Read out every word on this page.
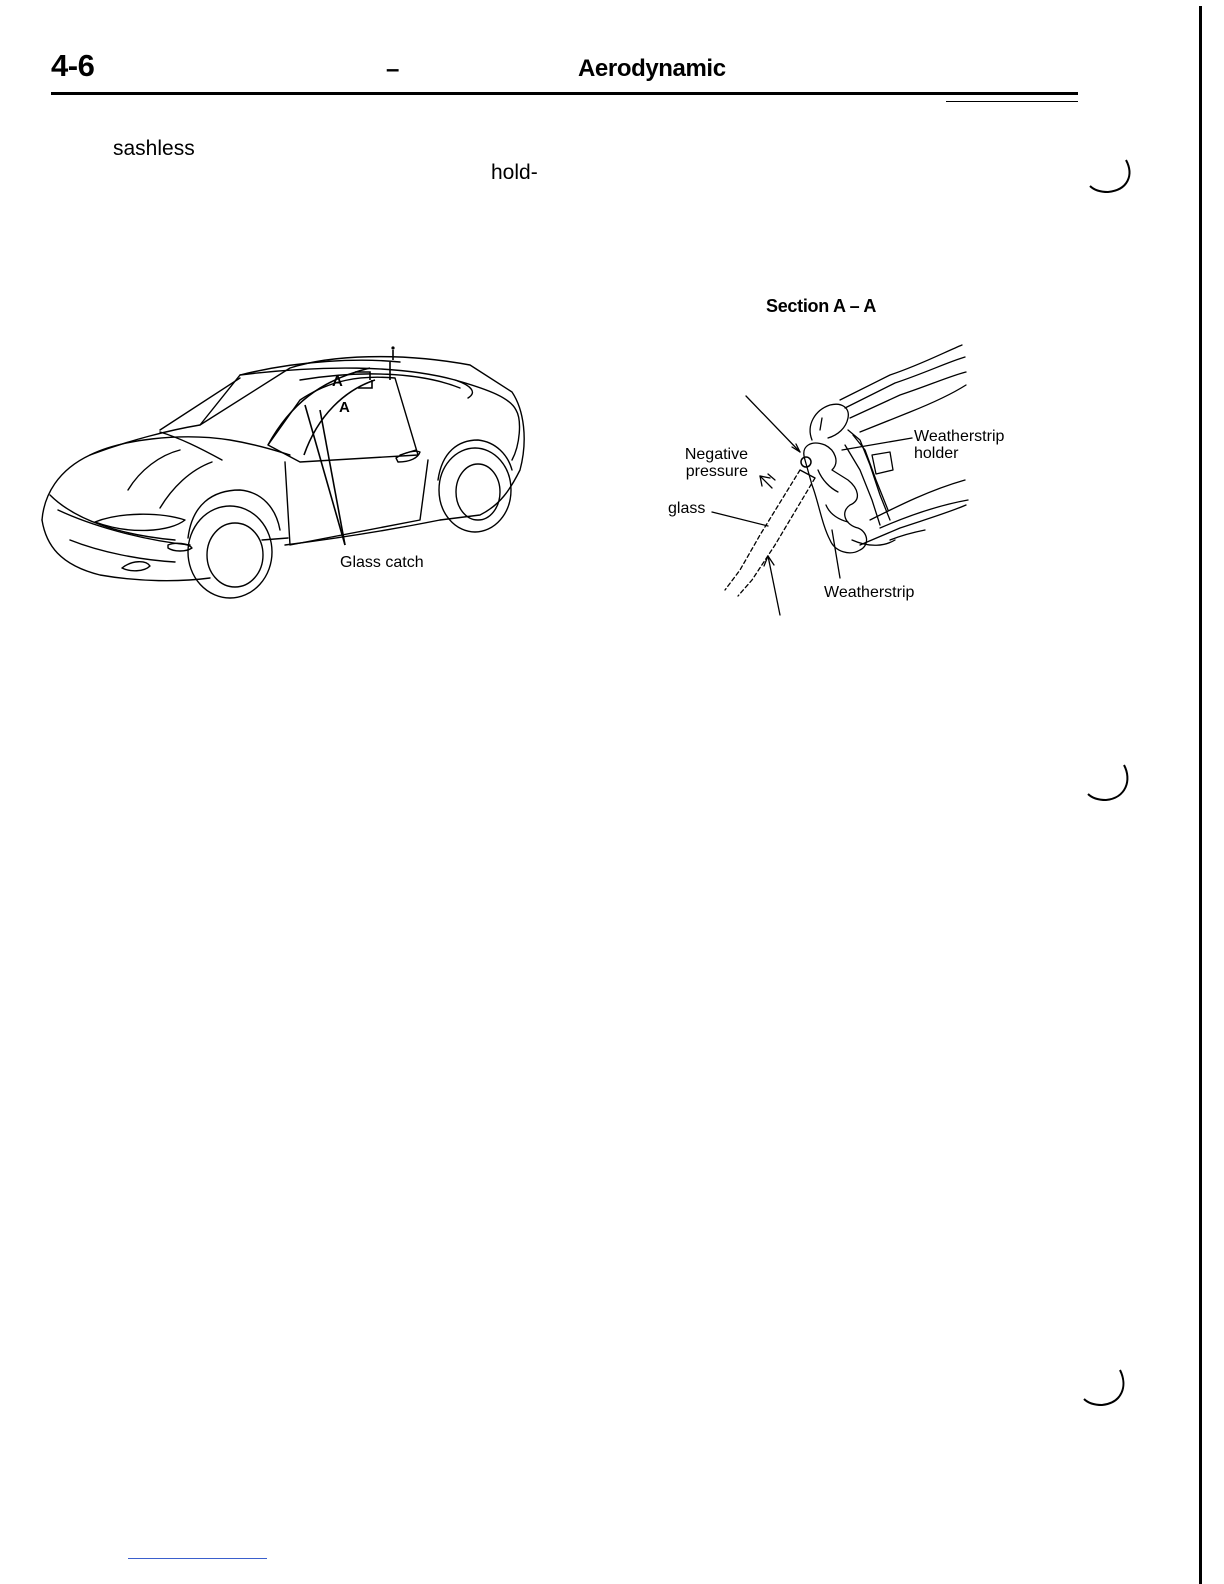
4-6	–	Aerodynamic
sashless
hold-
A
A
Glass catch
Section A – A
Negative
pressure
glass
Weatherstrip
holder
Weatherstrip
